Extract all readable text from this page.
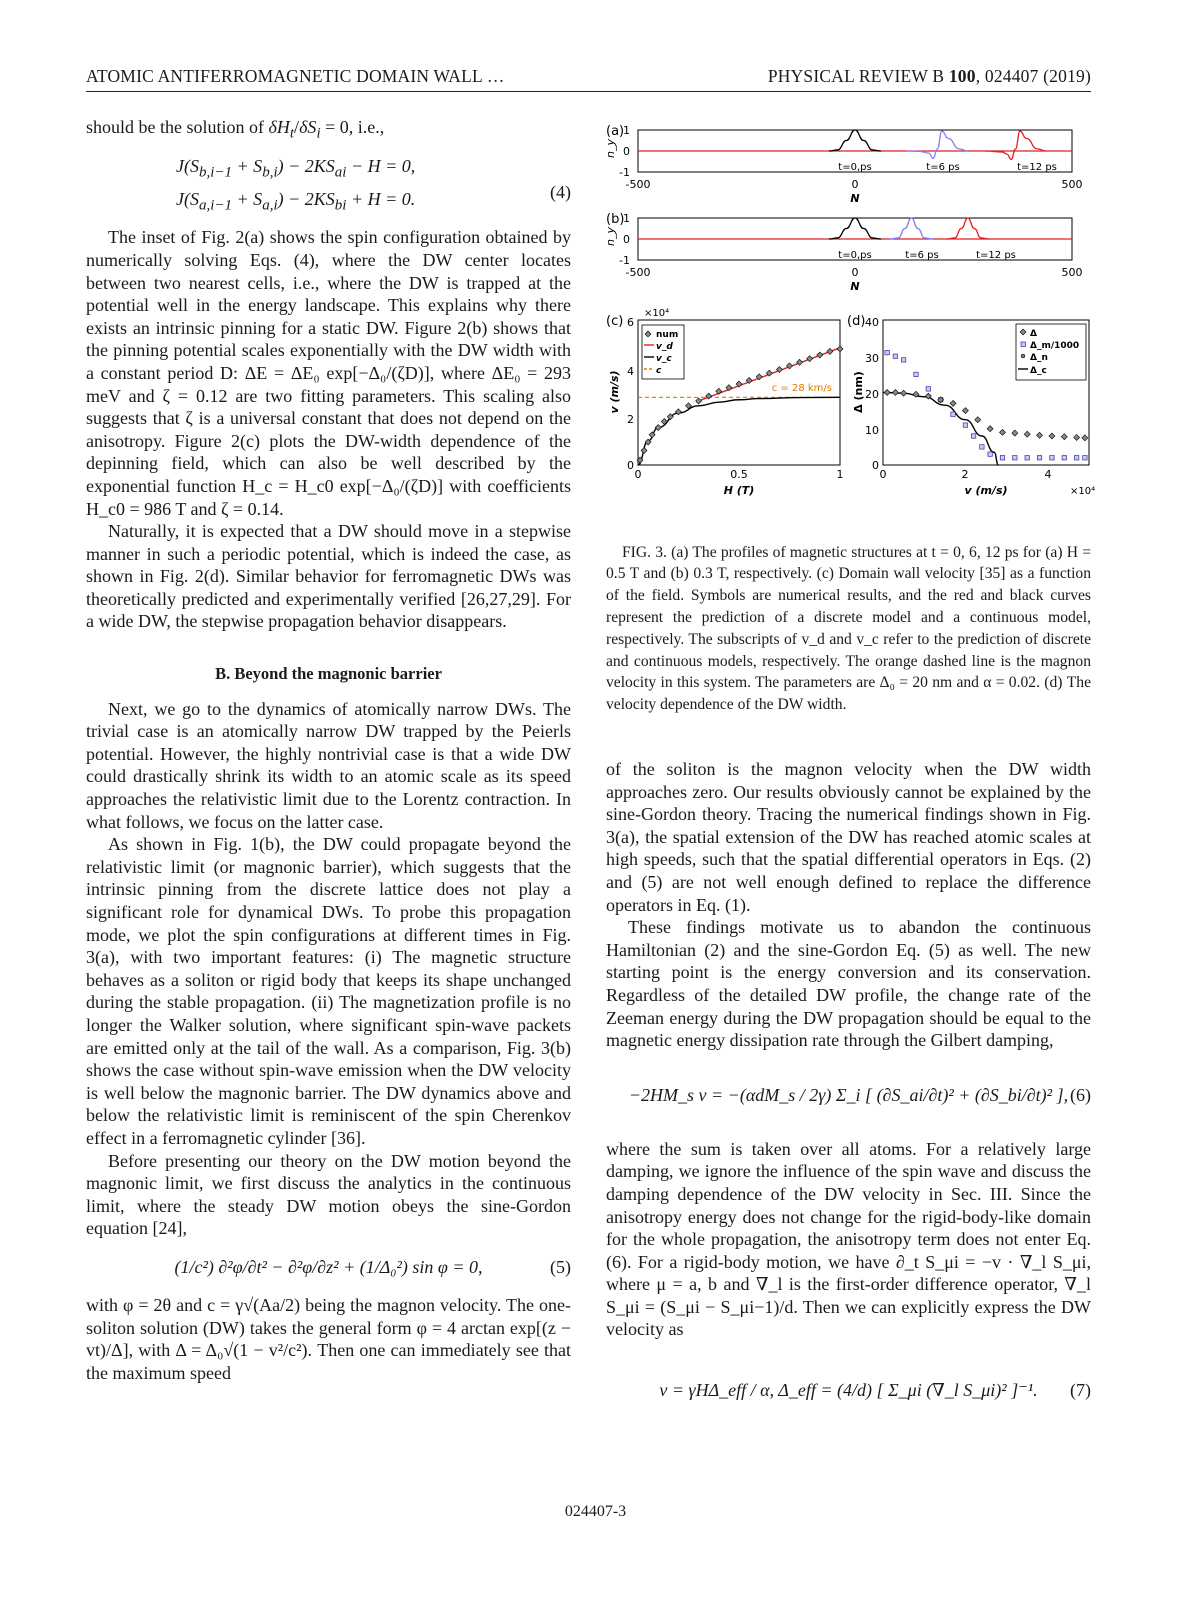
ATOMIC ANTIFERROMAGNETIC DOMAIN WALL …	PHYSICAL REVIEW B 100, 024407 (2019)

should be the solution of $\delta H_t/\delta S_i = 0$, i.e.,

$J(S_{b,i-1} + S_{b,i}) - 2KS_{ai} - H = 0$,
$J(S_{a,i-1} + S_{a,i}) - 2KS_{bi} + H = 0$.	(4)

The inset of Fig. 2(a) shows the spin configuration obtained by numerically solving Eqs. (4), where the DW center locates between two nearest cells, i.e., where the DW is trapped at the potential well in the energy landscape. This explains why there exists an intrinsic pinning for a static DW. Figure 2(b) shows that the pinning potential scales exponentially with the DW width with a constant period D: ΔE = ΔE₀ exp[−Δ₀/(ζD)], where ΔE₀ = 293 meV and ζ = 0.12 are two fitting parameters. This scaling also suggests that ζ is a universal constant that does not depend on the anisotropy. Figure 2(c) plots the DW-width dependence of the depinning field, which can also be well described by the exponential function H_c = H_c0 exp[−Δ₀/(ζD)] with coefficients H_c0 = 986 T and ζ = 0.14.

Naturally, it is expected that a DW should move in a stepwise manner in such a periodic potential, which is indeed the case, as shown in Fig. 2(d). Similar behavior for ferromagnetic DWs was theoretically predicted and experimentally verified [26,27,29]. For a wide DW, the stepwise propagation behavior disappears.

B. Beyond the magnonic barrier

Next, we go to the dynamics of atomically narrow DWs. The trivial case is an atomically narrow DW trapped by the Peierls potential. However, the highly nontrivial case is that a wide DW could drastically shrink its width to an atomic scale as its speed approaches the relativistic limit due to the Lorentz contraction. In what follows, we focus on the latter case.

As shown in Fig. 1(b), the DW could propagate beyond the relativistic limit (or magnonic barrier), which suggests that the intrinsic pinning from the discrete lattice does not play a significant role for dynamical DWs. To probe this propagation mode, we plot the spin configurations at different times in Fig. 3(a), with two important features: (i) The magnetic structure behaves as a soliton or rigid body that keeps its shape unchanged during the stable propagation. (ii) The magnetization profile is no longer the Walker solution, where significant spin-wave packets are emitted only at the tail of the wall. As a comparison, Fig. 3(b) shows the case without spin-wave emission when the DW velocity is well below the magnonic barrier. The DW dynamics above and below the relativistic limit is reminiscent of the spin Cherenkov effect in a ferromagnetic cylinder [36].

Before presenting our theory on the DW motion beyond the magnonic limit, we first discuss the analytics in the continuous limit, where the steady DW motion obeys the sine-Gordon equation [24],

(1/c²) ∂²φ/∂t² − ∂²φ/∂z² + (1/Δ₀²) sin φ = 0,	(5)

with φ = 2θ and c = γ√(Aa/2) being the magnon velocity. The one-soliton solution (DW) takes the general form φ = 4 arctan exp[(z − vt)/Δ], with Δ = Δ₀√(1 − v²/c²). Then one can immediately see that the maximum speed

(a)
1
0
-1
n_y
-500	0	500
N
t=0,ps	t=6 ps	t=12 ps
(b)
1
0
-1
n_y
-500	0	500
N
t=0,ps	t=6 ps	t=12 ps
(c)
×10⁴
6
4
2
0
v (m/s)
0	0.5	1
H (T)
c = 28 km/s
num
v_d
v_c
c
(d) 40
30
20
10
0
Δ (nm)
0	2	4
v (m/s)	×10⁴
Δ
Δ_m/1000
Δ_n
Δ_c

FIG. 3. (a) The profiles of magnetic structures at t = 0, 6, 12 ps for (a) H = 0.5 T and (b) 0.3 T, respectively. (c) Domain wall velocity [35] as a function of the field. Symbols are numerical results, and the red and black curves represent the prediction of a discrete model and a continuous model, respectively. The subscripts of v_d and v_c refer to the prediction of discrete and continuous models, respectively. The orange dashed line is the magnon velocity in this system. The parameters are Δ₀ = 20 nm and α = 0.02. (d) The velocity dependence of the DW width.

of the soliton is the magnon velocity when the DW width approaches zero. Our results obviously cannot be explained by the sine-Gordon theory. Tracing the numerical findings shown in Fig. 3(a), the spatial extension of the DW has reached atomic scales at high speeds, such that the spatial differential operators in Eqs. (2) and (5) are not well enough defined to replace the difference operators in Eq. (1).

These findings motivate us to abandon the continuous Hamiltonian (2) and the sine-Gordon Eq. (5) as well. The new starting point is the energy conversion and its conservation. Regardless of the detailed DW profile, the change rate of the Zeeman energy during the DW propagation should be equal to the magnetic energy dissipation rate through the Gilbert damping,

−2HM_s v = −(αdM_s / 2γ) Σ_i [ (∂S_ai/∂t)² + (∂S_bi/∂t)² ], (6)

where the sum is taken over all atoms. For a relatively large damping, we ignore the influence of the spin wave and discuss the damping dependence of the DW velocity in Sec. III. Since the anisotropy energy does not change for the rigid-body-like domain for the whole propagation, the anisotropy term does not enter Eq. (6). For a rigid-body motion, we have ∂_t S_μi = −v · ∇_l S_μi, where μ = a, b and ∇_l is the first-order difference operator, ∇_l S_μi = (S_μi − S_μi−1)/d. Then we can explicitly express the DW velocity as

v = γHΔ_eff / α, Δ_eff = (4/d) [ Σ_μi (∇_l S_μi)² ]⁻¹. (7)
024407-3
